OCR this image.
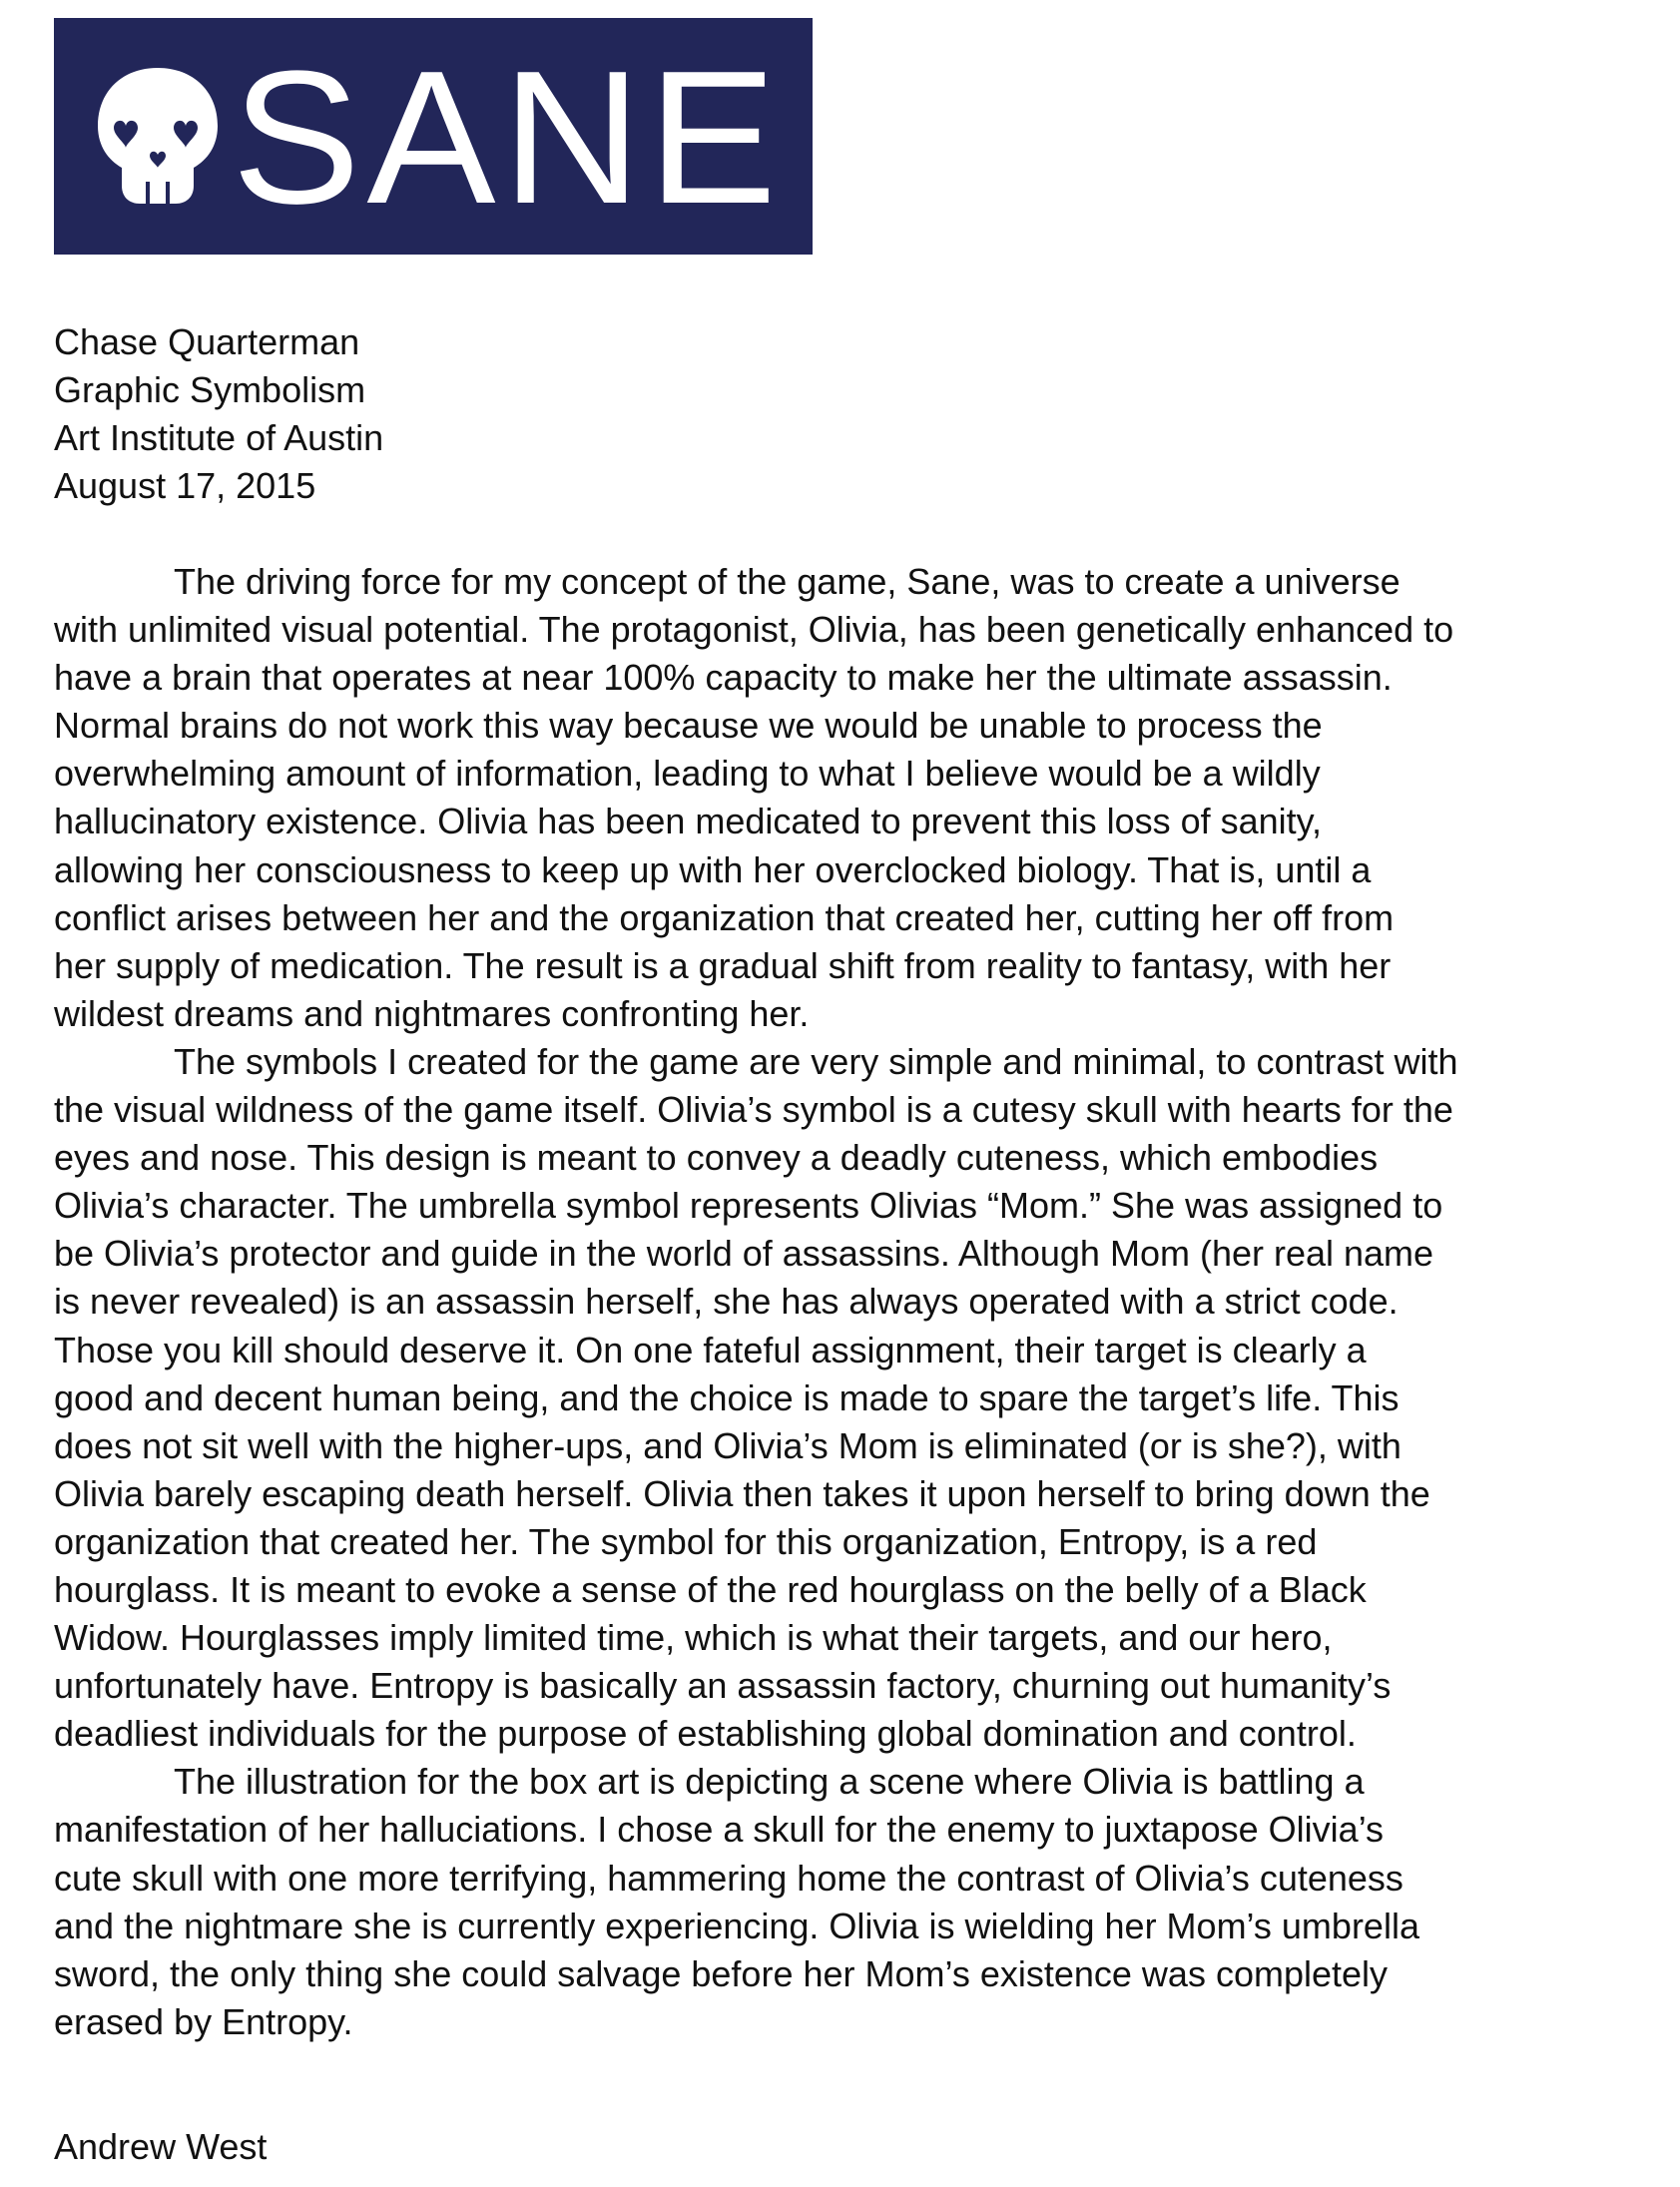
SANE
Chase Quarterman
Graphic Symbolism
Art Institute of Austin
August 17, 2015
The driving force for my concept of the game, Sane, was to create a universe
with unlimited visual potential. The protagonist, Olivia, has been genetically enhanced to
have a brain that operates at near 100% capacity to make her the ultimate assassin.
Normal brains do not work this way because we would be unable to process the
overwhelming amount of information, leading to what I believe would be a wildly
hallucinatory existence. Olivia has been medicated to prevent this loss of sanity,
allowing her consciousness to keep up with her overclocked biology. That is, until a
conflict arises between her and the organization that created her, cutting her off from
her supply of medication. The result is a gradual shift from reality to fantasy, with her
wildest dreams and nightmares confronting her.
The symbols I created for the game are very simple and minimal, to contrast with
the visual wildness of the game itself. Olivia’s symbol is a cutesy skull with hearts for the
eyes and nose. This design is meant to convey a deadly cuteness, which embodies
Olivia’s character. The umbrella symbol represents Olivias “Mom.” She was assigned to
be Olivia’s protector and guide in the world of assassins. Although Mom (her real name
is never revealed) is an assassin herself, she has always operated with a strict code.
Those you kill should deserve it. On one fateful assignment, their target is clearly a
good and decent human being, and the choice is made to spare the target’s life. This
does not sit well with the higher-ups, and Olivia’s Mom is eliminated (or is she?), with
Olivia barely escaping death herself. Olivia then takes it upon herself to bring down the
organization that created her. The symbol for this organization, Entropy, is a red
hourglass. It is meant to evoke a sense of the red hourglass on the belly of a Black
Widow. Hourglasses imply limited time, which is what their targets, and our hero,
unfortunately have. Entropy is basically an assassin factory, churning out humanity’s
deadliest individuals for the purpose of establishing global domination and control.
The illustration for the box art is depicting a scene where Olivia is battling a
manifestation of her halluciations. I chose a skull for the enemy to juxtapose Olivia’s
cute skull with one more terrifying, hammering home the contrast of Olivia’s cuteness
and the nightmare she is currently experiencing. Olivia is wielding her Mom’s umbrella
sword, the only thing she could salvage before her Mom’s existence was completely
erased by Entropy.
Andrew West
